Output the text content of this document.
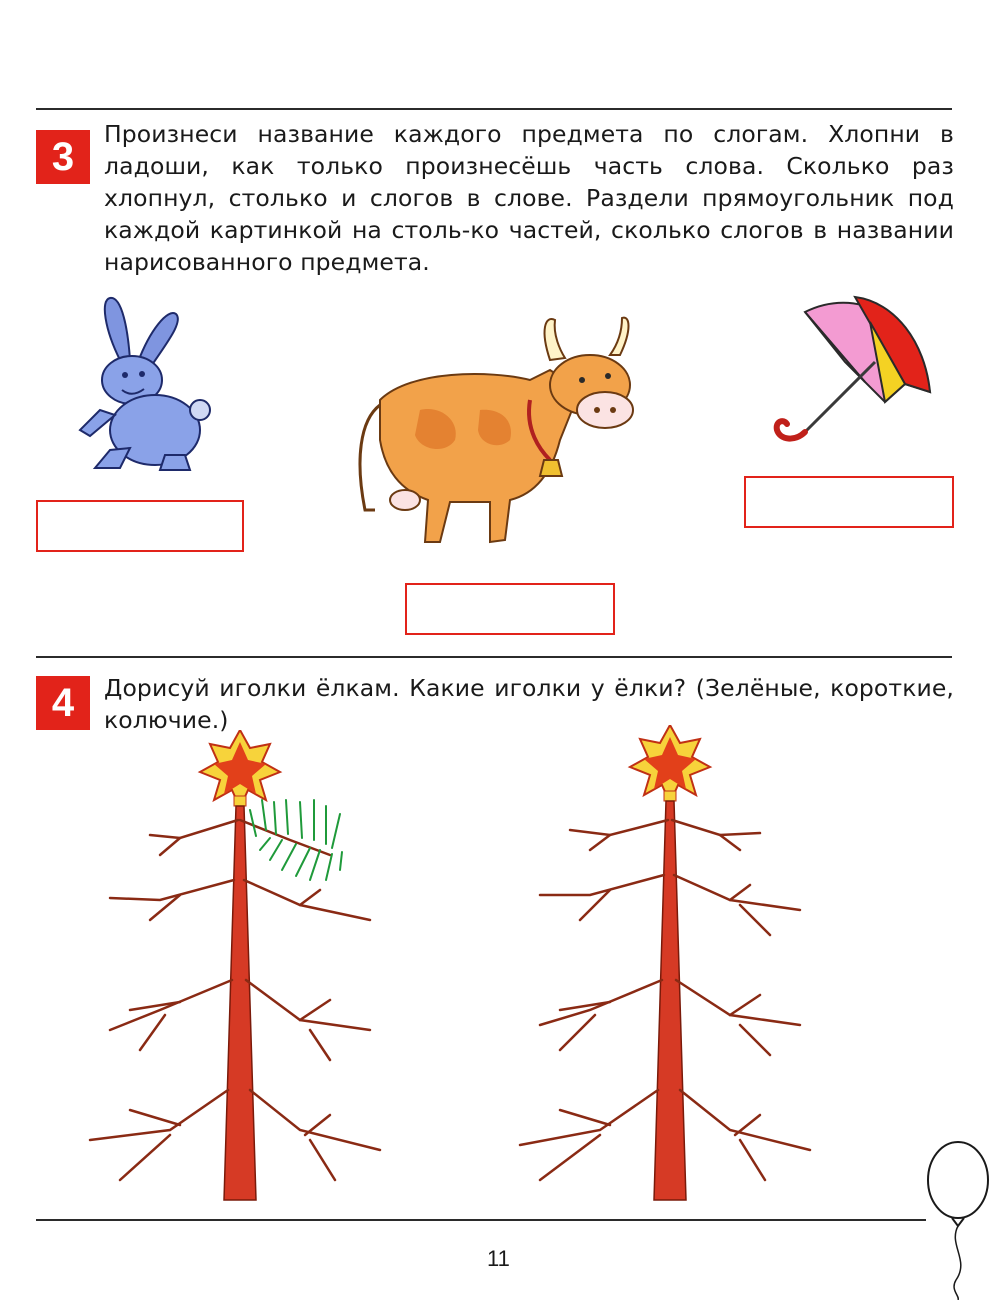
3
Произнеси название каждого предмета по слогам. Хлопни в ладоши, как только произнесёшь часть слова. Сколько раз хлопнул, столько и слогов в слове. Раздели прямоугольник под каждой картинкой на столь-ко частей, сколько слогов в названии нарисованного предмета.
4	Дорисуй иголки ёлкам. Какие иголки у ёлки? (Зелёные, короткие, колючие.)
11
